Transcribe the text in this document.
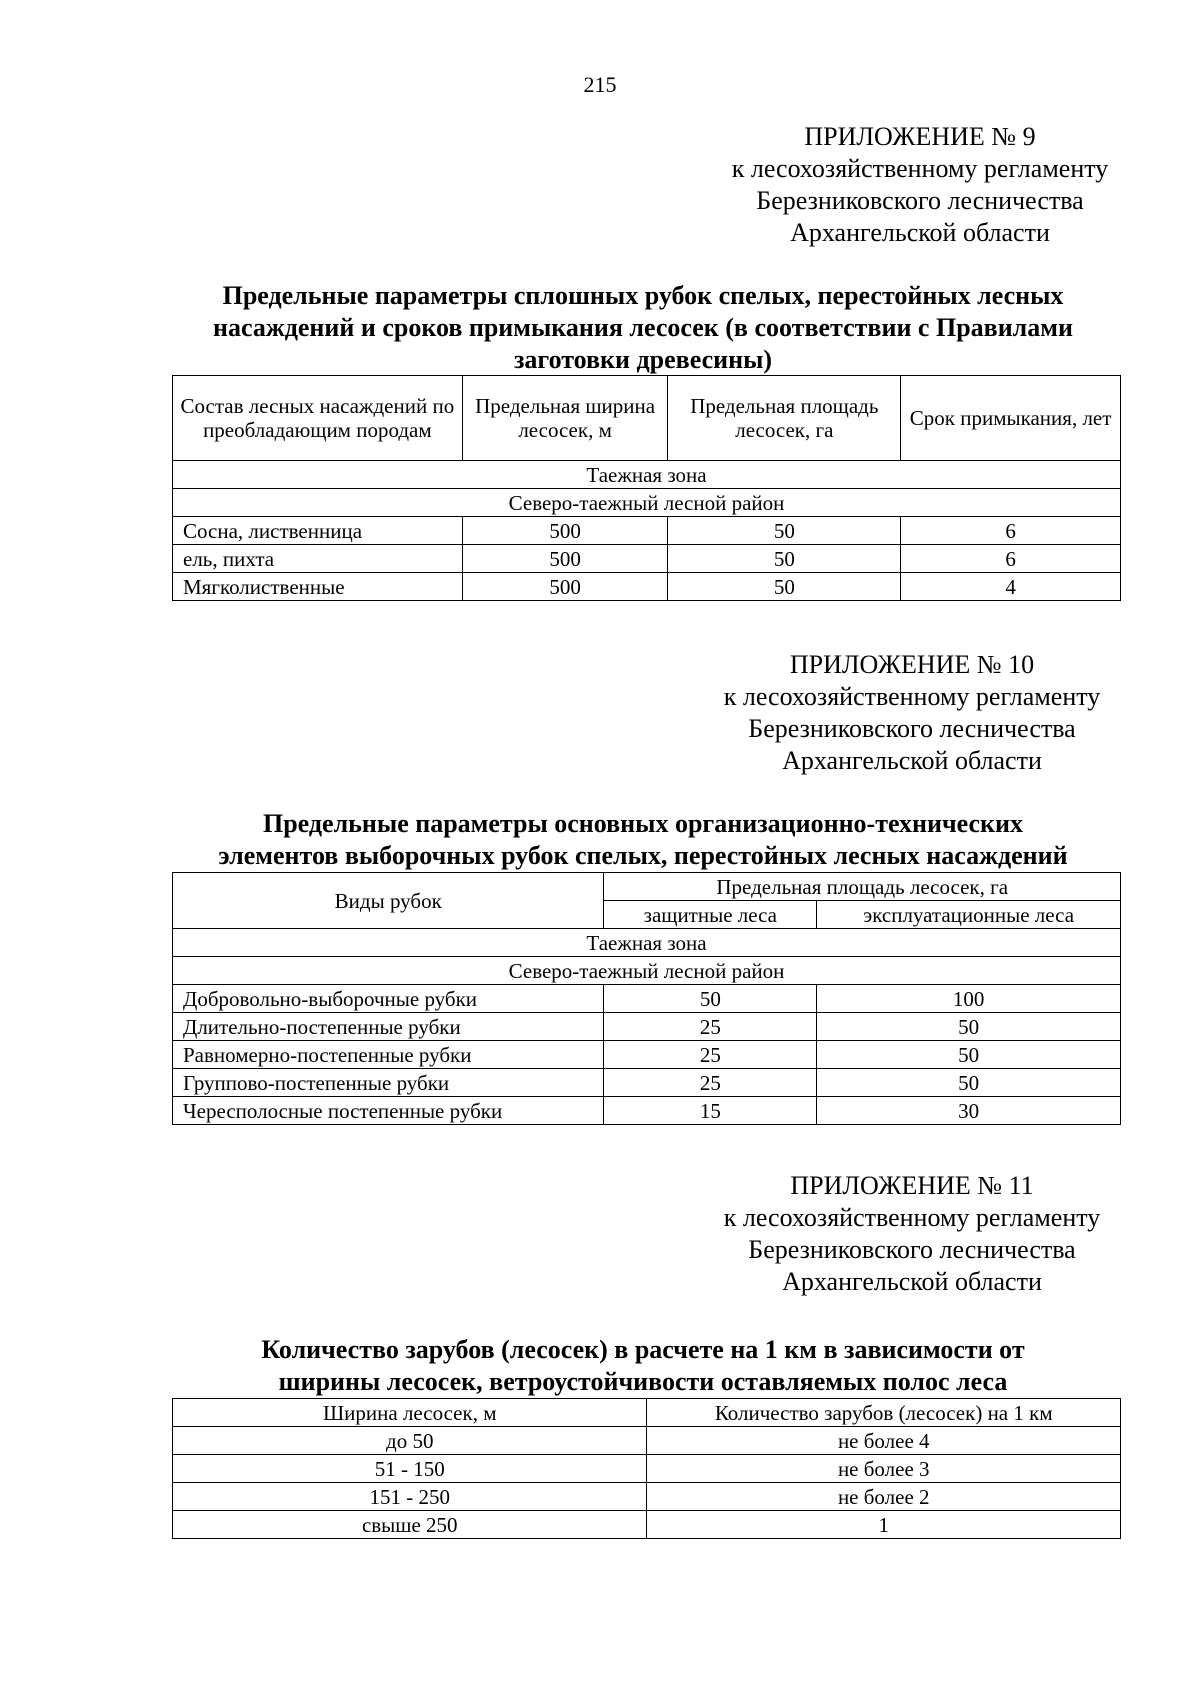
215
ПРИЛОЖЕНИЕ № 9
к лесохозяйственному регламенту
Березниковского лесничества
Архангельской области
Предельные параметры сплошных рубок спелых, перестойных лесных
насаждений и сроков примыкания лесосек (в соответствии с Правилами
заготовки древесины)
Состав лесных насаждений по преобладающим породам	Предельная ширина лесосек, м	Предельная площадь лесосек, га	Срок примыкания, лет
Таежная зона			
Северо-таежный лесной район			
Сосна, лиственница	500	50	6
ель, пихта	500	50	6
Мягколиственные	500	50	4
ПРИЛОЖЕНИЕ № 10
к лесохозяйственному регламенту
Березниковского лесничества
Архангельской области
Предельные параметры основных организационно-технических
элементов выборочных рубок спелых, перестойных лесных насаждений
Виды рубок	Предельная площадь лесосек, га	
	защитные леса	эксплуатационные леса
Таежная зона		
Северо-таежный лесной район		
Добровольно-выборочные рубки	50	100
Длительно-постепенные рубки	25	50
Равномерно-постепенные рубки	25	50
Группово-постепенные рубки	25	50
Чересполосные постепенные рубки	15	30
ПРИЛОЖЕНИЕ № 11
к лесохозяйственному регламенту
Березниковского лесничества
Архангельской области
Количество зарубов (лесосек) в расчете на 1 км в зависимости от
ширины лесосек, ветроустойчивости оставляемых полос леса
Ширина лесосек, м	Количество зарубов (лесосек) на 1 км
до 50	не более 4
51 - 150	не более 3
151 - 250	не более 2
свыше 250	1
